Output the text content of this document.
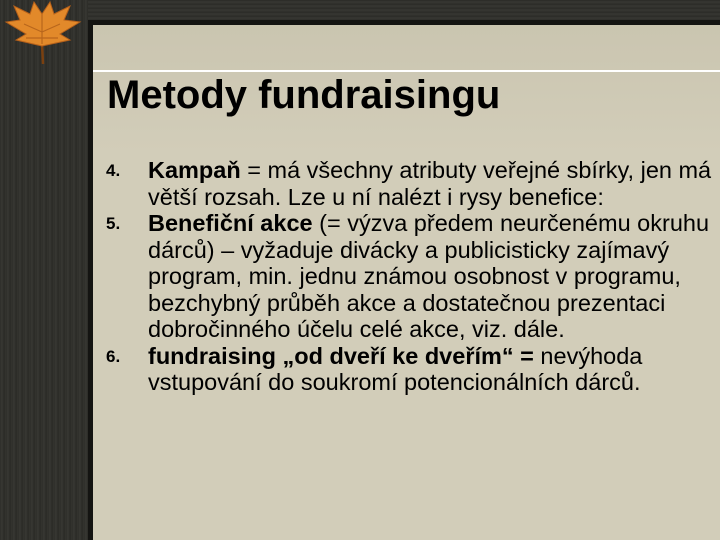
Metody fundraisingu
4. Kampaň = má všechny atributy veřejné sbírky, jen má větší rozsah. Lze u ní nalézt i rysy benefice:
5. Benefiční akce (= výzva předem neurčenému okruhu dárců) – vyžaduje divácky a publicisticky zajímavý program, min. jednu známou osobnost v programu, bezchybný průběh akce a dostatečnou prezentaci dobročinného účelu celé akce, viz. dále.
6. fundraising „od dveří ke dveřím“ = nevýhoda vstupování do soukromí potencionálních dárců.
